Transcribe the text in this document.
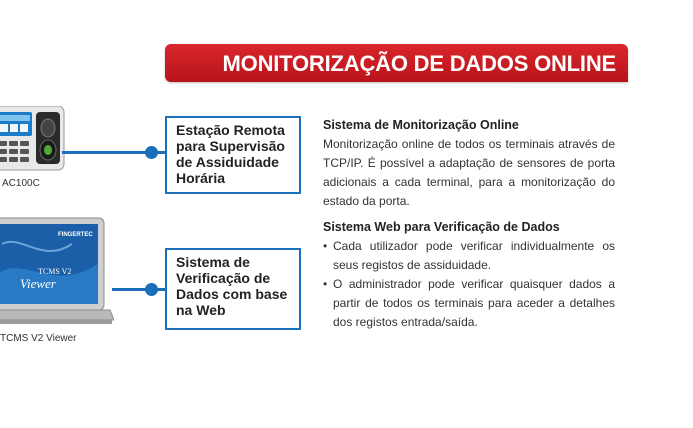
MONITORIZAÇÃO DE DADOS ONLINE
AC100C
FINGERTEC
TCMS V2
Viewer
TCMS V2 Viewer
Estação Remota para Supervisão de Assiduidade Horária
Sistema de Verificação de Dados com base na Web
Sistema de Monitorização Online
Monitorização online de todos os terminais através de TCP/IP. É possível a adaptação de sensores de porta adicionais a cada terminal, para a monitorização do estado da porta.
Sistema Web para Verificação de Dados
• Cada utilizador pode verificar individualmente os seus registos de assiduidade.
• O administrador pode verificar quaisquer dados a partir de todos os terminais para aceder a detalhes dos registos entrada/saída.
